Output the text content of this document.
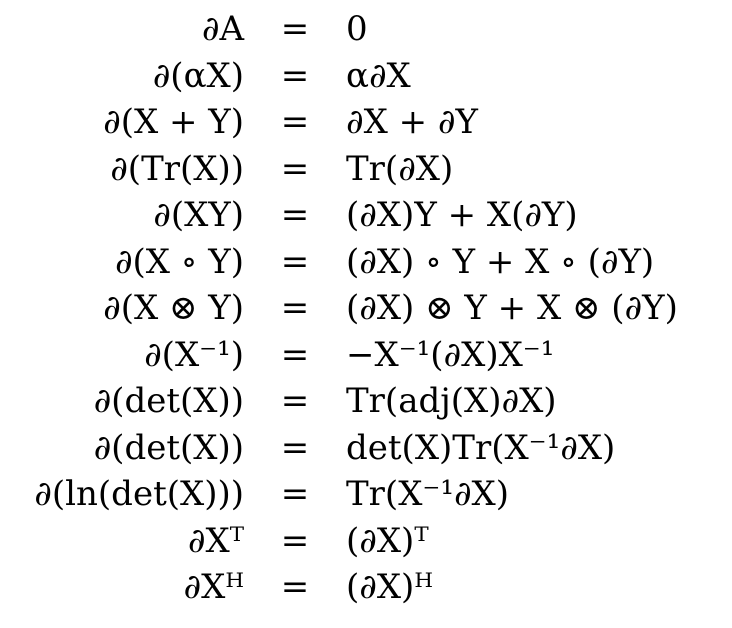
∂A	=	0
∂(αX)	=	α∂X
∂(X + Y)	=	∂X + ∂Y
∂(Tr(X))	=	Tr(∂X)
∂(XY)	=	(∂X)Y + X(∂Y)
∂(X ∘ Y)	=	(∂X) ∘ Y + X ∘ (∂Y)
∂(X ⊗ Y)	=	(∂X) ⊗ Y + X ⊗ (∂Y)
∂(X⁻¹)	=	−X⁻¹(∂X)X⁻¹
∂(det(X))	=	Tr(adj(X)∂X)
∂(det(X))	=	det(X)Tr(X⁻¹∂X)
∂(ln(det(X)))	=	Tr(X⁻¹∂X)
∂Xᵀ	=	(∂X)ᵀ
∂Xᴴ	=	(∂X)ᴴ
